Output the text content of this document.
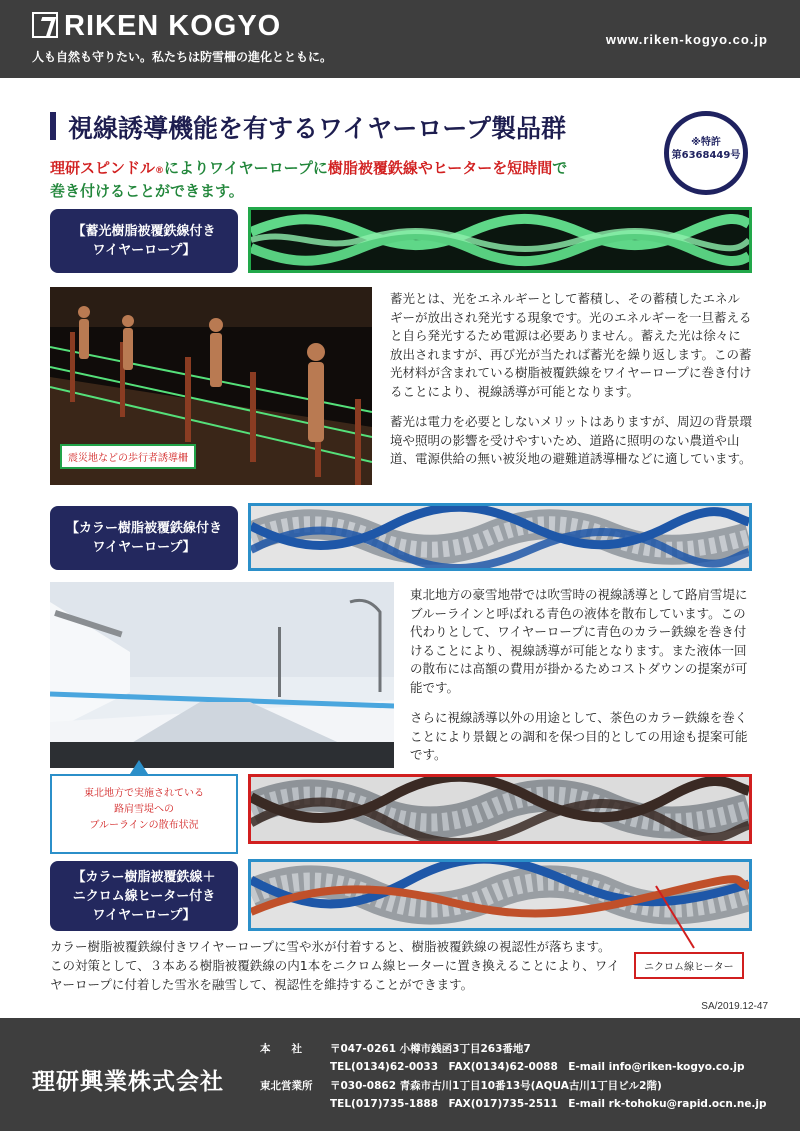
RIKEN KOGYO
人も自然も守りたい。私たちは防雪柵の進化とともに。
www.riken-kogyo.co.jp
視線誘導機能を有するワイヤーロープ製品群	※特許
第6368449号
理研スピンドル®によりワイヤーロープに樹脂被覆鉄線やヒーターを短時間で
巻き付けることができます。
【蓄光樹脂被覆鉄線付き
ワイヤーロープ】
震災地などの歩行者誘導柵

蓄光とは、光をエネルギーとして蓄積し、その蓄積したエネルギーが放出され発光する現象です。光のエネルギーを一旦蓄えると自ら発光するため電源は必要ありません。蓄えた光は徐々に放出されますが、再び光が当たれば蓄光を繰り返します。この蓄光材料が含まれている樹脂被覆鉄線をワイヤーロープに巻き付けることにより、視線誘導が可能となります。

蓄光は電力を必要としないメリットはありますが、周辺の背景環境や照明の影響を受けやすいため、道路に照明のない農道や山道、電源供給の無い被災地の避難道誘導柵などに適しています。

【カラー樹脂被覆鉄線付き
ワイヤーロープ】

東北地方の豪雪地帯では吹雪時の視線誘導として路肩雪堤にブルーラインと呼ばれる青色の液体を散布しています。この代わりとして、ワイヤーロープに青色のカラー鉄線を巻き付けることにより、視線誘導が可能となります。また液体一回の散布には高額の費用が掛かるためコストダウンの提案が可能です。

さらに視線誘導以外の用途として、茶色のカラー鉄線を巻くことにより景観との調和を保つ目的としての用途も提案可能です。

東北地方で実施されている
路肩雪堤への
ブルーラインの散布状況
【カラー樹脂被覆鉄線＋
ニクロム線ヒーター付き
ワイヤーロープ】
ニクロム線ヒーター
カラー樹脂被覆鉄線付きワイヤーロープに雪や氷が付着すると、樹脂被覆鉄線の視認性が落ちます。この対策として、３本ある樹脂被覆鉄線の内1本をニクロム線ヒーターに置き換えることにより、ワイヤーロープに付着した雪氷を融雪して、視認性を維持することができます。
SA/2019.12-47
理研興業株式会社
本　　社	〒047-0261 小樽市銭函3丁目263番地7
TEL(0134)62-0033　FAX(0134)62-0088　E-mail info@riken-kogyo.co.jp
東北営業所 〒030-0862 青森市古川1丁目10番13号(AQUA古川1丁目ビル2階)
TEL(017)735-1888　FAX(017)735-2511　E-mail rk-tohoku@rapid.ocn.ne.jp
